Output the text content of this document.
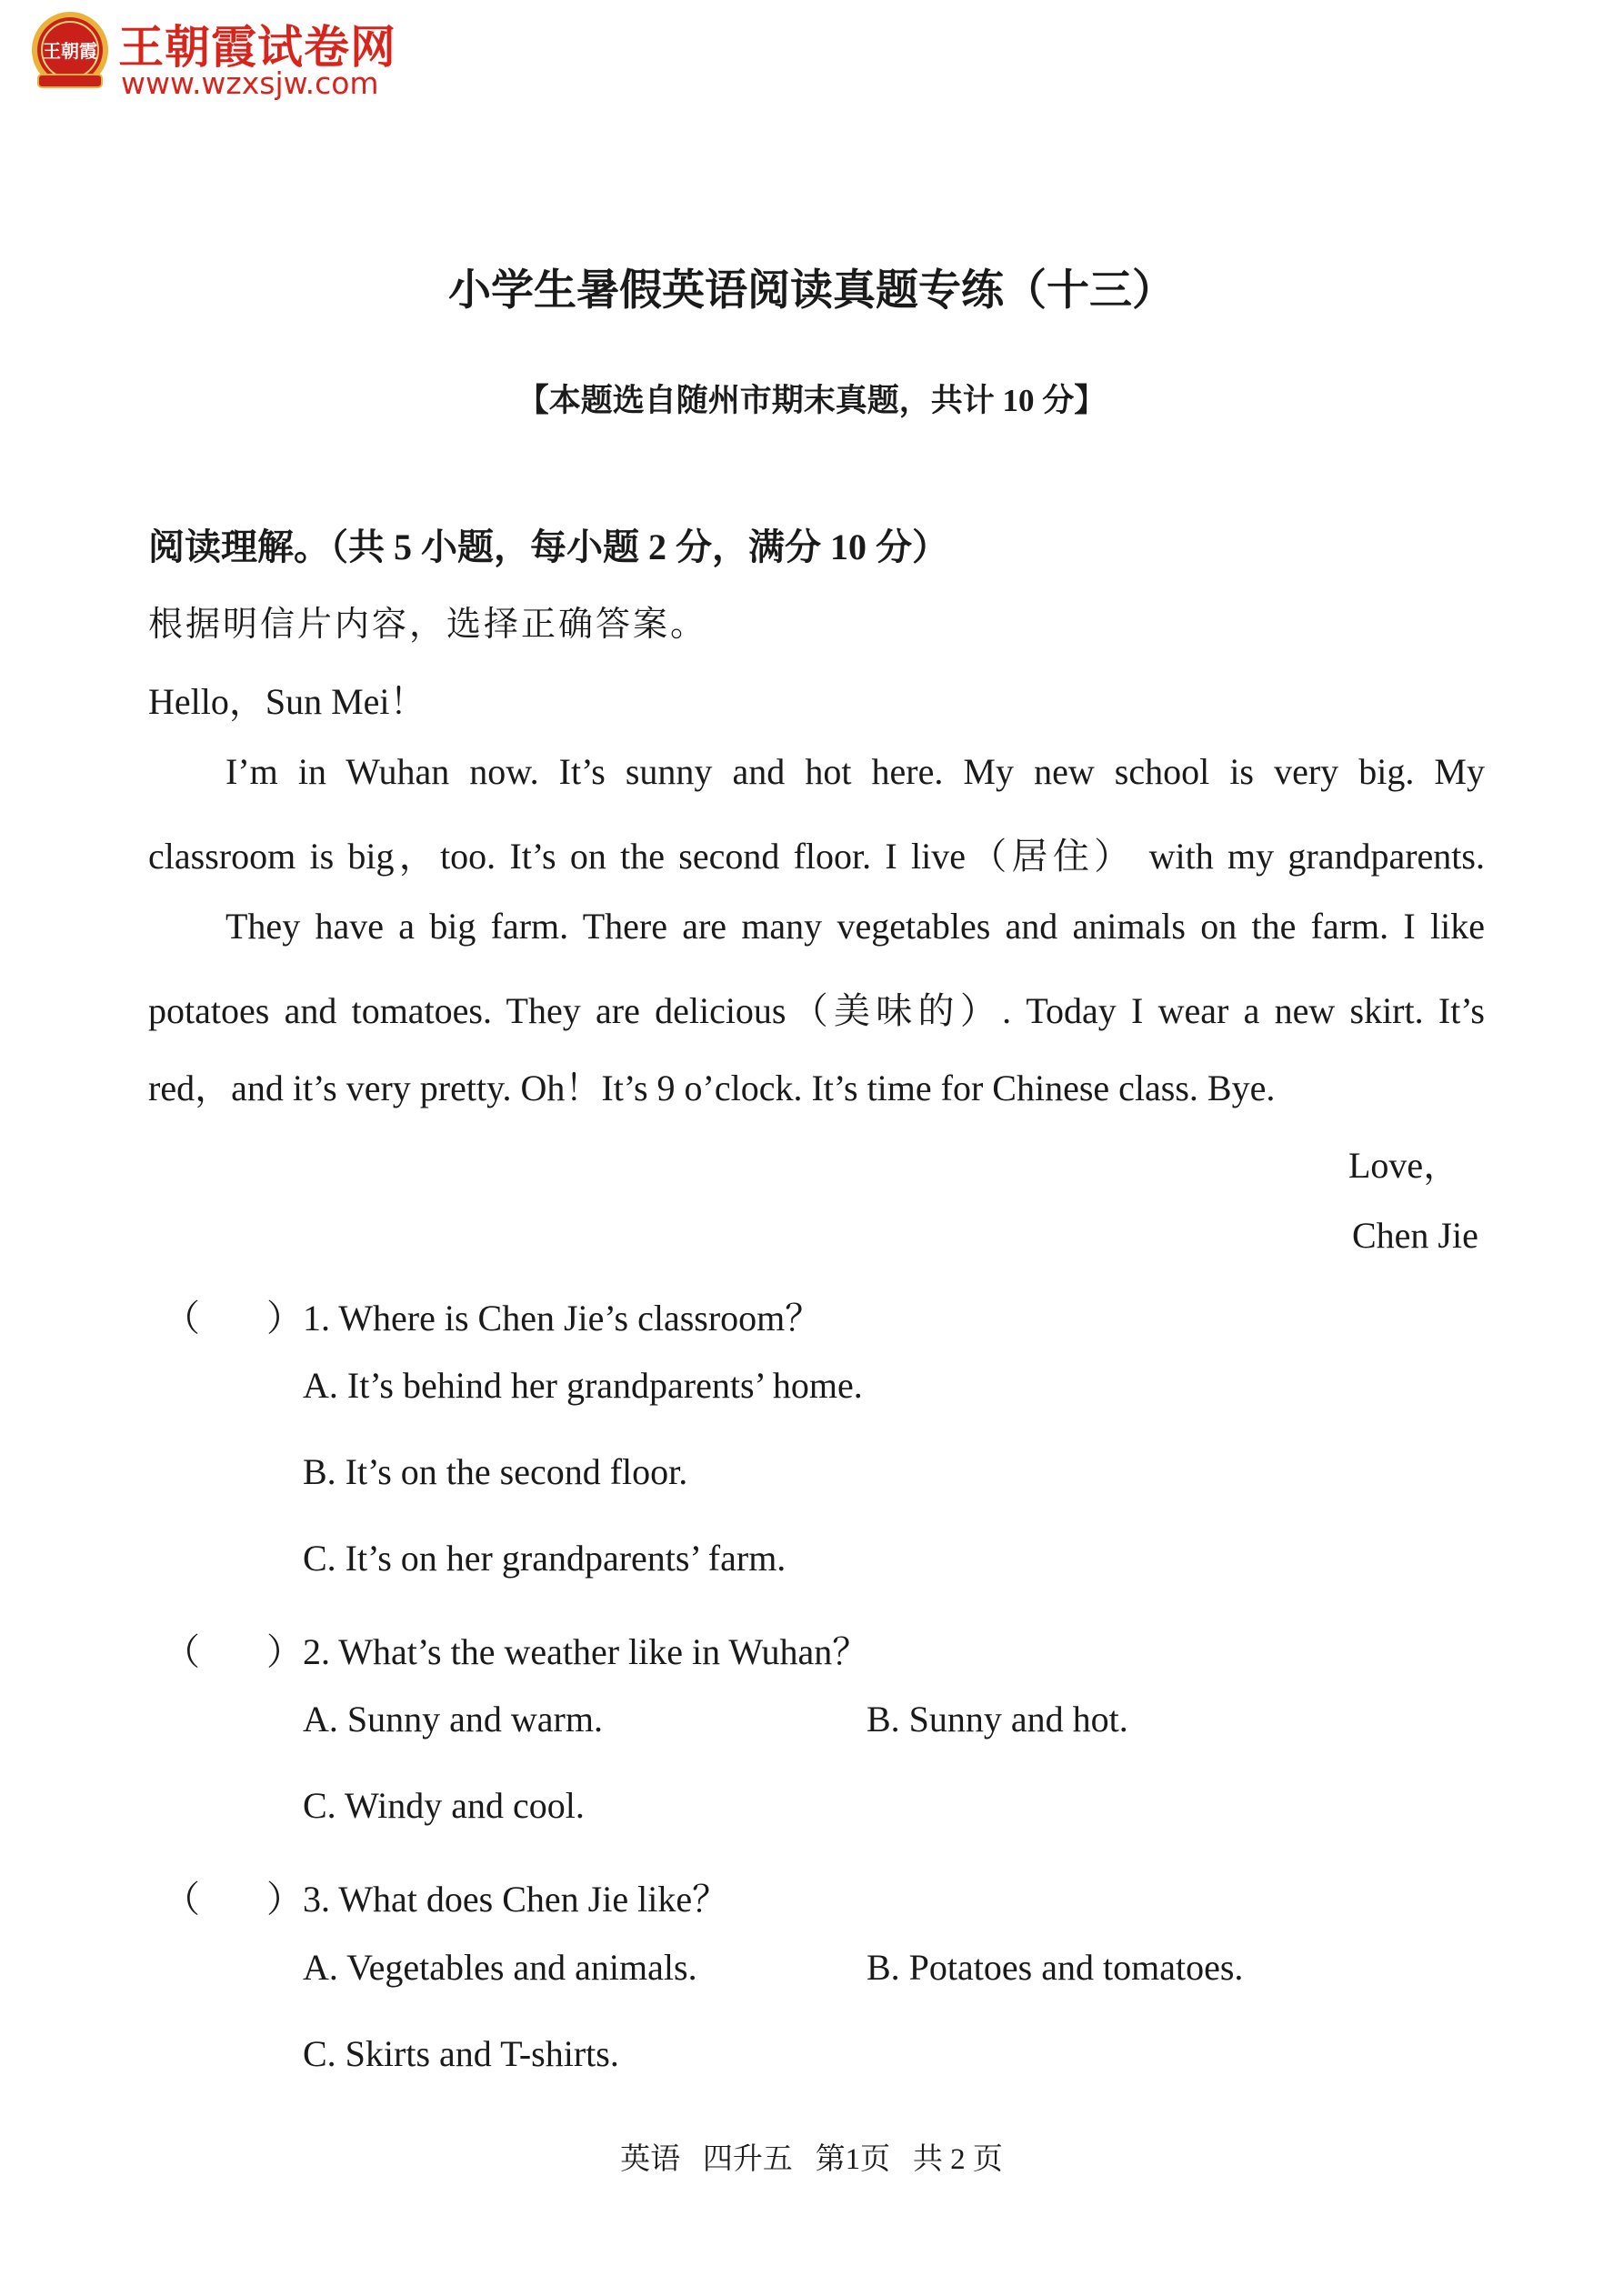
王朝霞 王朝霞试卷网
www.wzxsjw.com
小学生暑假英语阅读真题专练（十三）
【本题选自随州市期末真题，共计 10 分】
阅读理解。（共 5 小题，每小题 2 分，满分 10 分）
根据明信片内容，选择正确答案。
Hello，Sun Mei！
I’m in Wuhan now. It’s sunny and hot here. My new school is very big. My
classroom is big，too. It’s on the second floor. I live（居住） with my grandparents.
They have a big farm. There are many vegetables and animals on the farm. I like
potatoes and tomatoes. They are delicious（美味的）. Today I wear a new skirt. It’s
red，and it’s very pretty. Oh！It’s 9 o’clock. It’s time for Chinese class. Bye.
Love，
Chen Jie
（ ） 1. Where is Chen Jie’s classroom？
A. It’s behind her grandparents’ home.
B. It’s on the second floor.
C. It’s on her grandparents’ farm.
（ ） 2. What’s the weather like in Wuhan？
A. Sunny and warm.	B. Sunny and hot.
C. Windy and cool.
（ ） 3. What does Chen Jie like？
A. Vegetables and animals.	B. Potatoes and tomatoes.
C. Skirts and T-shirts.
英语   四升五   第1页   共 2 页
